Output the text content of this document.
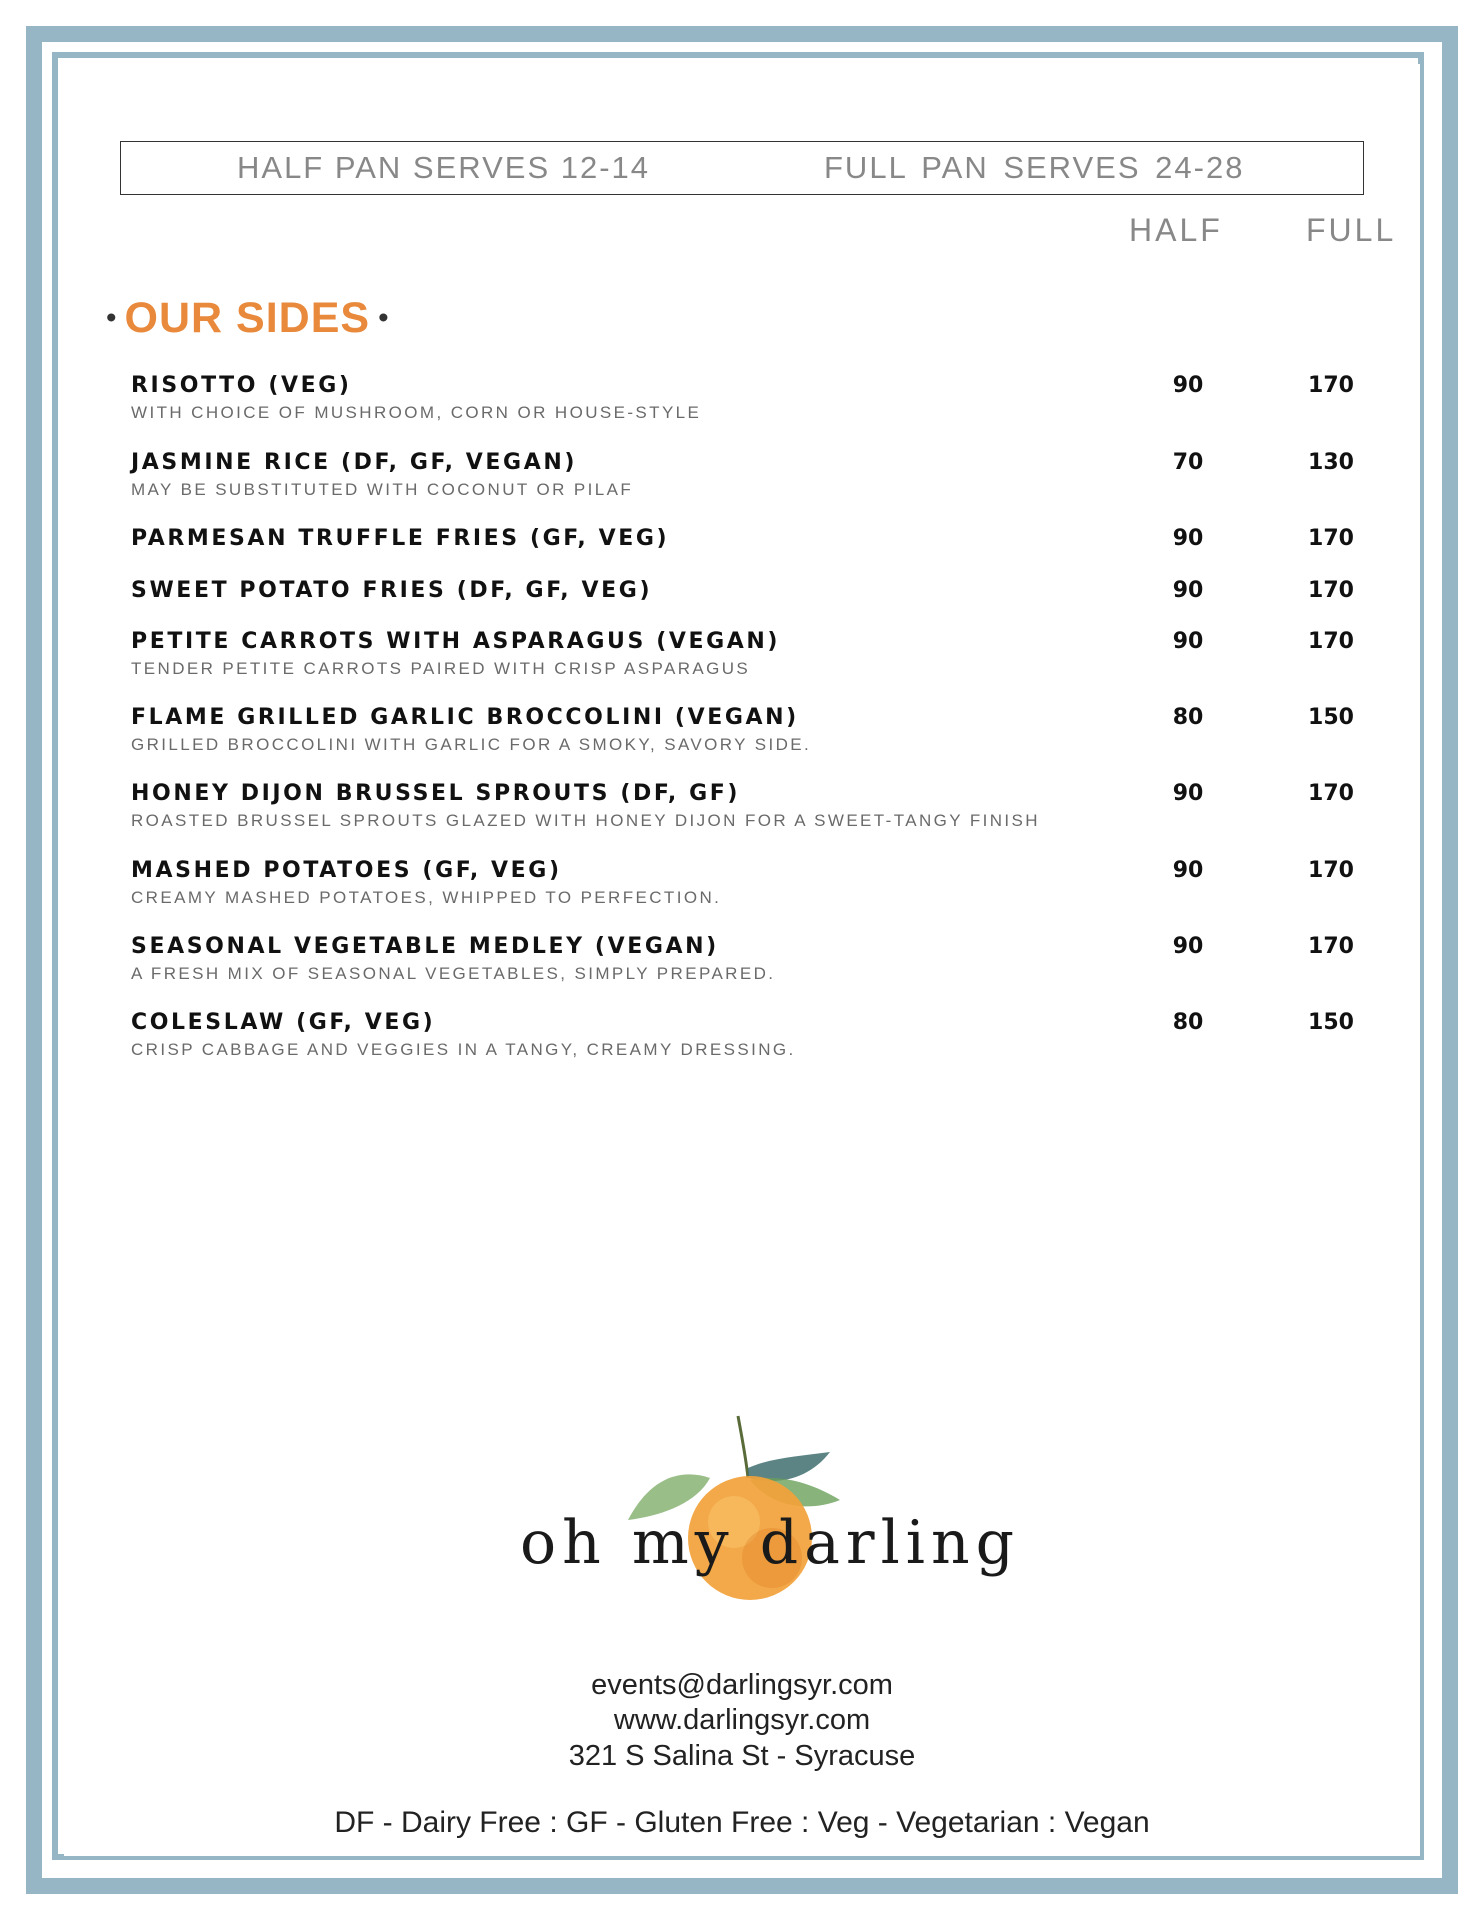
HALF PAN SERVES 12-14	FULL PAN SERVES 24-28
HALF	FULL
• OUR SIDES •
RISOTTO (VEG)
WITH CHOICE OF MUSHROOM, CORN OR HOUSE-STYLE
90	170
JASMINE RICE (DF, GF, VEGAN)
MAY BE SUBSTITUTED WITH COCONUT OR PILAF
70	130
PARMESAN TRUFFLE FRIES (GF, VEG)	90	170
SWEET POTATO FRIES (DF, GF, VEG)	90	170
PETITE CARROTS WITH ASPARAGUS (VEGAN)
TENDER PETITE CARROTS PAIRED WITH CRISP ASPARAGUS
90	170
FLAME GRILLED GARLIC BROCCOLINI (VEGAN)
GRILLED BROCCOLINI WITH GARLIC FOR A SMOKY, SAVORY SIDE.
80	150
HONEY DIJON BRUSSEL SPROUTS (DF, GF)
ROASTED BRUSSEL SPROUTS GLAZED WITH HONEY DIJON FOR A SWEET-TANGY FINISH
90	170
MASHED POTATOES (GF, VEG)
CREAMY MASHED POTATOES, WHIPPED TO PERFECTION.
90	170
SEASONAL VEGETABLE MEDLEY (VEGAN)
A FRESH MIX OF SEASONAL VEGETABLES, SIMPLY PREPARED.
90	170
COLESLAW (GF, VEG)
CRISP CABBAGE AND VEGGIES IN A TANGY, CREAMY DRESSING.
80	150
oh my darling
events@darlingsyr.com
www.darlingsyr.com
321 S Salina St - Syracuse
DF - Dairy Free : GF - Gluten Free : Veg - Vegetarian : Vegan
